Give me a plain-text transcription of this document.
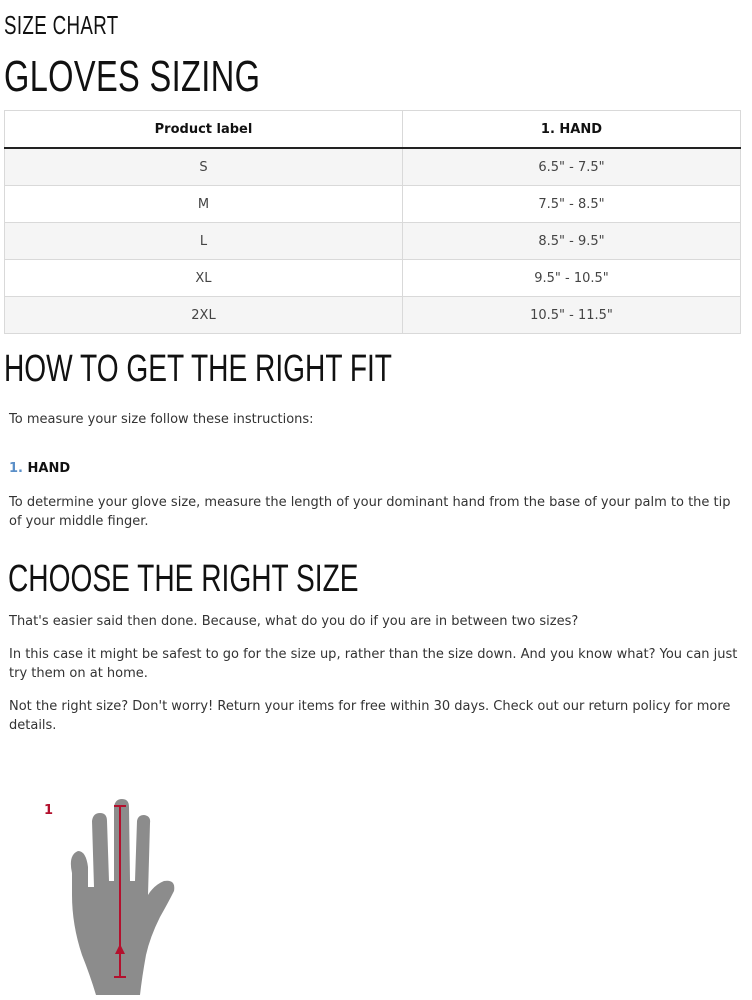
SIZE CHART
GLOVES SIZING
Product label	1. HAND
S	6.5" - 7.5"
M	7.5" - 8.5"
L	8.5" - 9.5"
XL	9.5" - 10.5"
2XL	10.5" - 11.5"
HOW TO GET THE RIGHT FIT

To measure your size follow these instructions:

1. HAND

To determine your glove size, measure the length of your dominant hand from the base of your palm to the tip of your middle finger.

CHOOSE THE RIGHT SIZE

That's easier said then done. Because, what do you do if you are in between two sizes?

In this case it might be safest to go for the size up, rather than the size down. And you know what? You can just try them on at home.

Not the right size? Don't worry! Return your items for free within 30 days. Check out our return policy for more details.

1
